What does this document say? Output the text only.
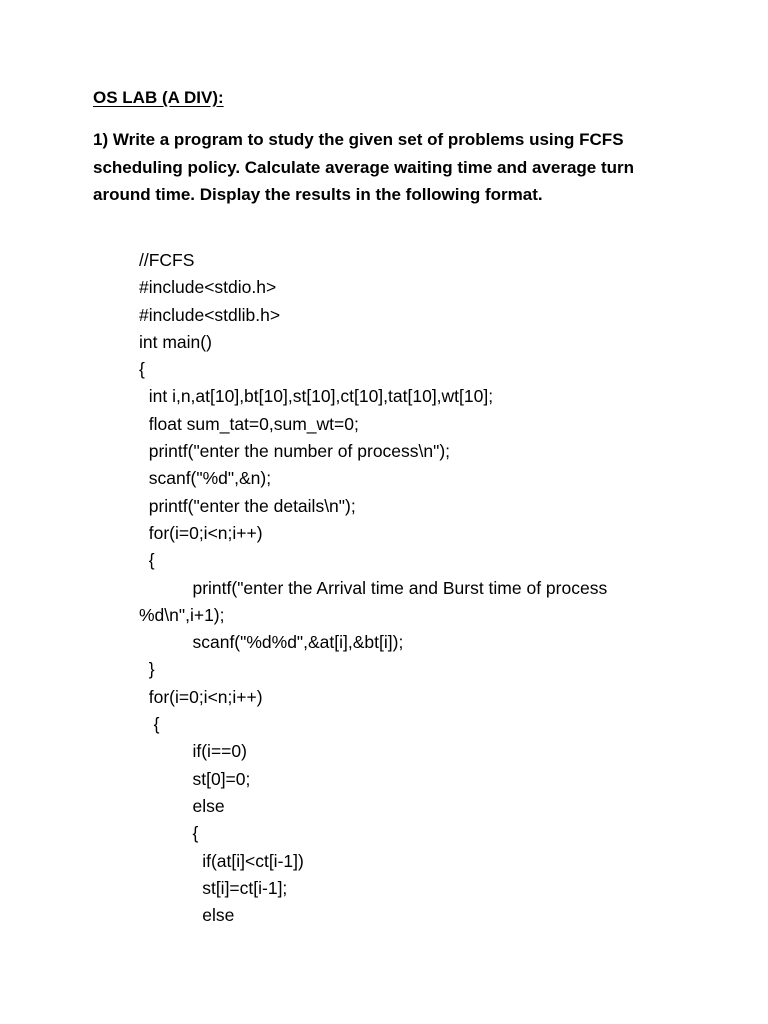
OS LAB (A DIV):
1) Write a program to study the given set of problems using FCFS
scheduling policy. Calculate average waiting time and average turn
around time. Display the results in the following format.
//FCFS
#include<stdio.h>
#include<stdlib.h>
int main()
{
int i,n,at[10],bt[10],st[10],ct[10],tat[10],wt[10];
float sum_tat=0,sum_wt=0;
printf("enter the number of process\n");
scanf("%d",&n);
printf("enter the details\n");
for(i=0;i<n;i++)
{
printf("enter the Arrival time and Burst time of process
%d\n",i+1);
scanf("%d%d",&at[i],&bt[i]);
}
for(i=0;i<n;i++)
{
if(i==0)
st[0]=0;
else
{
if(at[i]<ct[i-1])
st[i]=ct[i-1];
else
